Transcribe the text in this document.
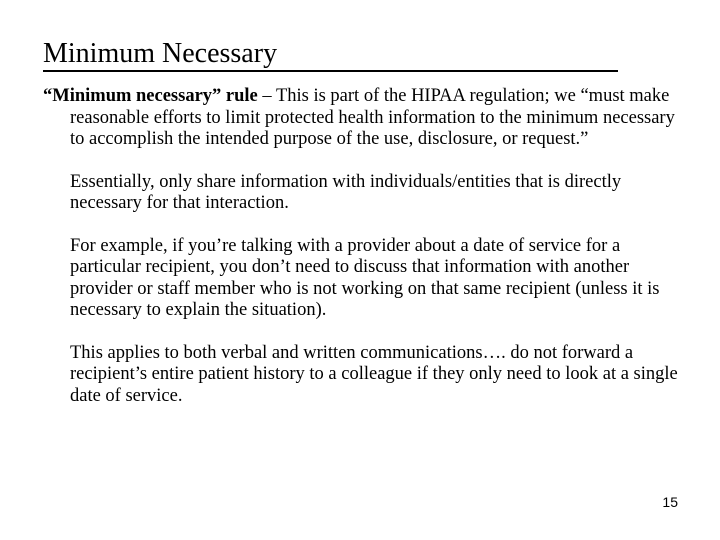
Minimum Necessary

“Minimum necessary” rule – This is part of the HIPAA regulation; we “must make reasonable efforts to limit protected health information to the minimum necessary to accomplish the intended purpose of the use, disclosure, or request.”

Essentially, only share information with individuals/entities that is directly necessary for that interaction.

For example, if you’re talking with a provider about a date of service for a particular recipient, you don’t need to discuss that information with another provider or staff member who is not working on that same recipient (unless it is necessary to explain the situation).

This applies to both verbal and written communications…. do not forward a recipient’s entire patient history to a colleague if they only need to look at a single date of service.

15
